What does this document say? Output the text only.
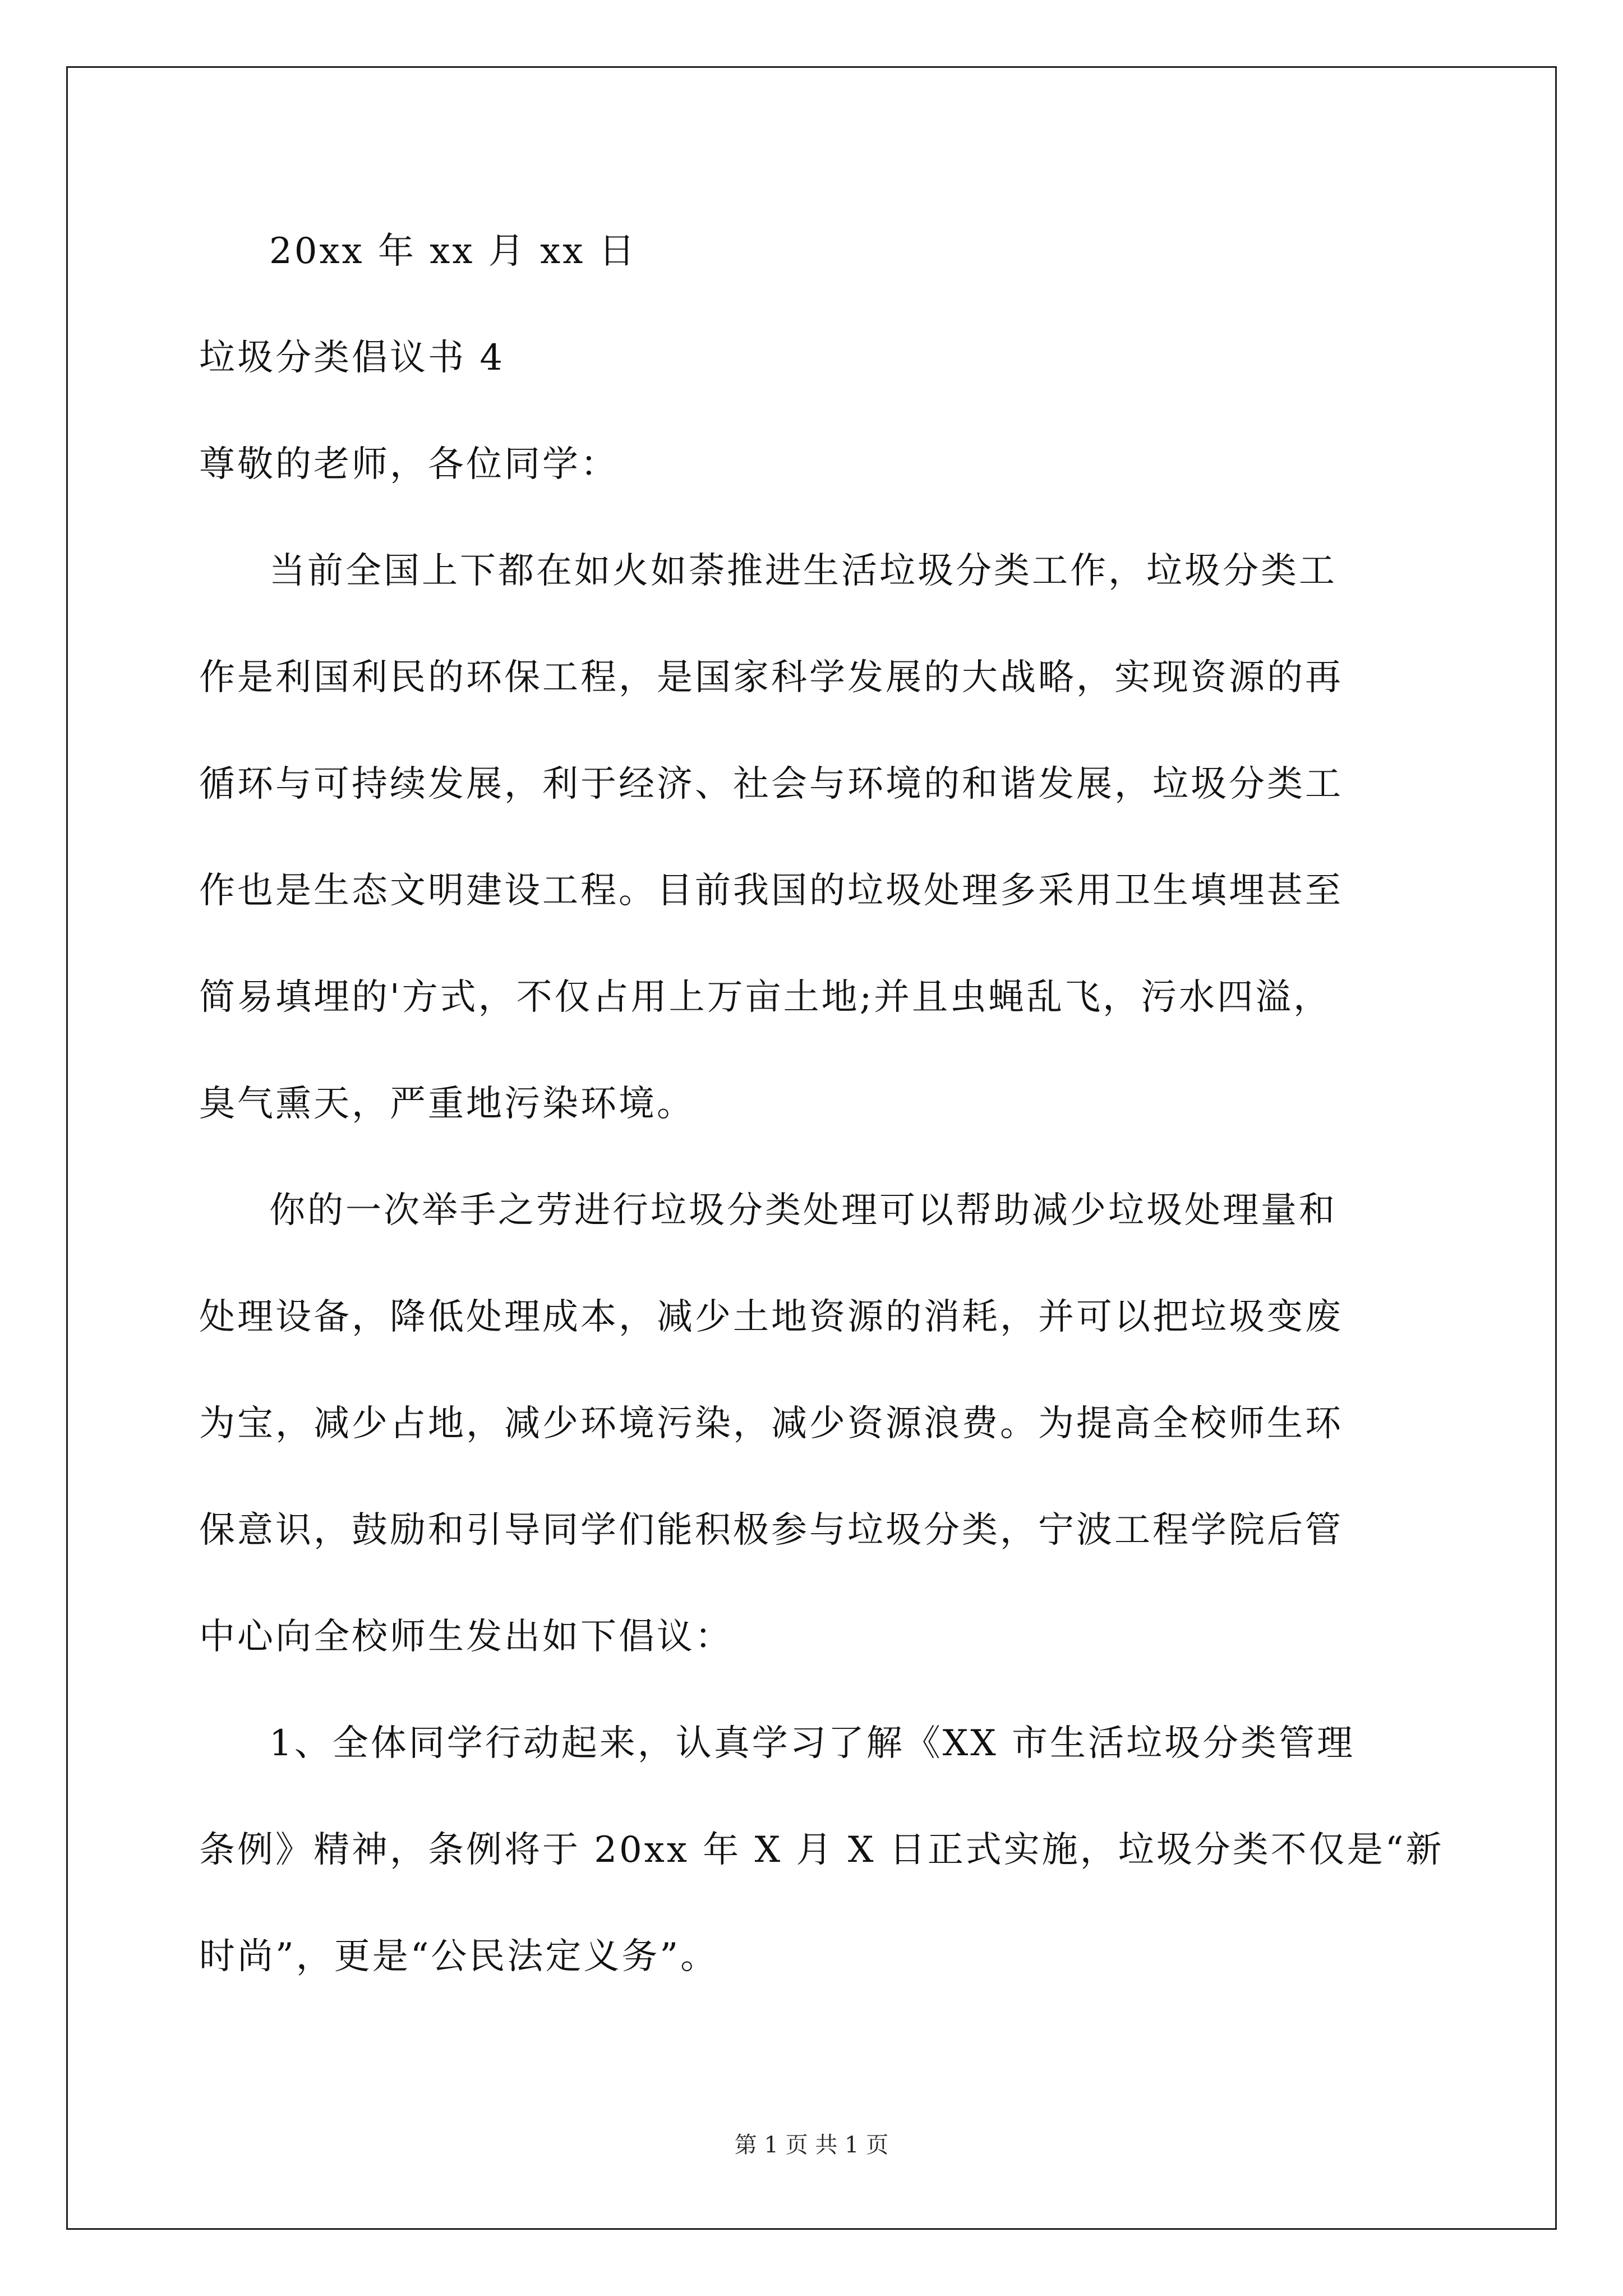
20xx 年 xx 月 xx 日
垃圾分类倡议书 4
尊敬的老师，各位同学：
当前全国上下都在如火如荼推进生活垃圾分类工作，垃圾分类工
作是利国利民的环保工程，是国家科学发展的大战略，实现资源的再
循环与可持续发展，利于经济、社会与环境的和谐发展，垃圾分类工
作也是生态文明建设工程。目前我国的垃圾处理多采用卫生填埋甚至
简易填埋的'方式，不仅占用上万亩土地;并且虫蝇乱飞，污水四溢，
臭气熏天，严重地污染环境。
你的一次举手之劳进行垃圾分类处理可以帮助减少垃圾处理量和
处理设备，降低处理成本，减少土地资源的消耗，并可以把垃圾变废
为宝，减少占地，减少环境污染，减少资源浪费。为提高全校师生环
保意识，鼓励和引导同学们能积极参与垃圾分类，宁波工程学院后管
中心向全校师生发出如下倡议：
1、全体同学行动起来，认真学习了解《XX 市生活垃圾分类管理
条例》精神，条例将于 20xx 年 X 月 X 日正式实施，垃圾分类不仅是“新
时尚”，更是“公民法定义务”。
第 1 页 共 1 页
